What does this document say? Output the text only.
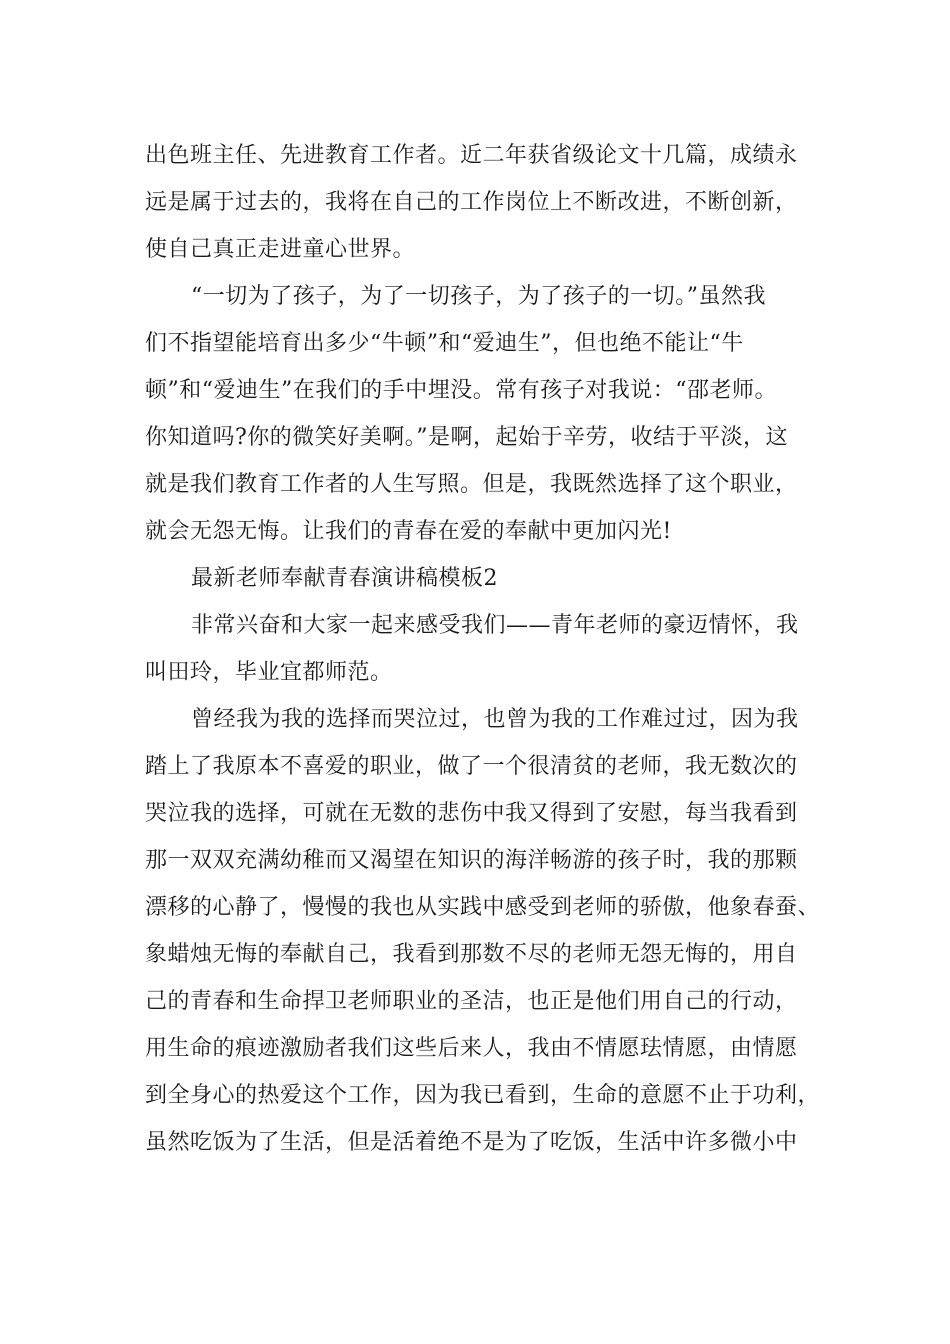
出色班主任、先进教育工作者。近二年获省级论文十几篇，成绩永
远是属于过去的，我将在自己的工作岗位上不断改进，不断创新，
使自己真正走进童心世界。

“一切为了孩子，为了一切孩子，为了孩子的一切。”虽然我
们不指望能培育出多少“牛顿”和“爱迪生”，但也绝不能让“牛
顿”和“爱迪生”在我们的手中埋没。常有孩子对我说：“邵老师。
你知道吗?你的微笑好美啊。”是啊，起始于辛劳，收结于平淡，这
就是我们教育工作者的人生写照。但是，我既然选择了这个职业，
就会无怨无悔。让我们的青春在爱的奉献中更加闪光!

最新老师奉献青春演讲稿模板2

非常兴奋和大家一起来感受我们——青年老师的豪迈情怀，我
叫田玲，毕业宜都师范。

曾经我为我的选择而哭泣过，也曾为我的工作难过过，因为我
踏上了我原本不喜爱的职业，做了一个很清贫的老师，我无数次的
哭泣我的选择，可就在无数的悲伤中我又得到了安慰，每当我看到
那一双双充满幼稚而又渴望在知识的海洋畅游的孩子时，我的那颗
漂移的心静了，慢慢的我也从实践中感受到老师的骄傲，他象春蚕、
象蜡烛无悔的奉献自己，我看到那数不尽的老师无怨无悔的，用自
己的青春和生命捍卫老师职业的圣洁，也正是他们用自己的行动，
用生命的痕迹激励者我们这些后来人，我由不情愿珐情愿，由情愿
到全身心的热爱这个工作，因为我已看到，生命的意愿不止于功利，
虽然吃饭为了生活，但是活着绝不是为了吃饭，生活中许多微小中
